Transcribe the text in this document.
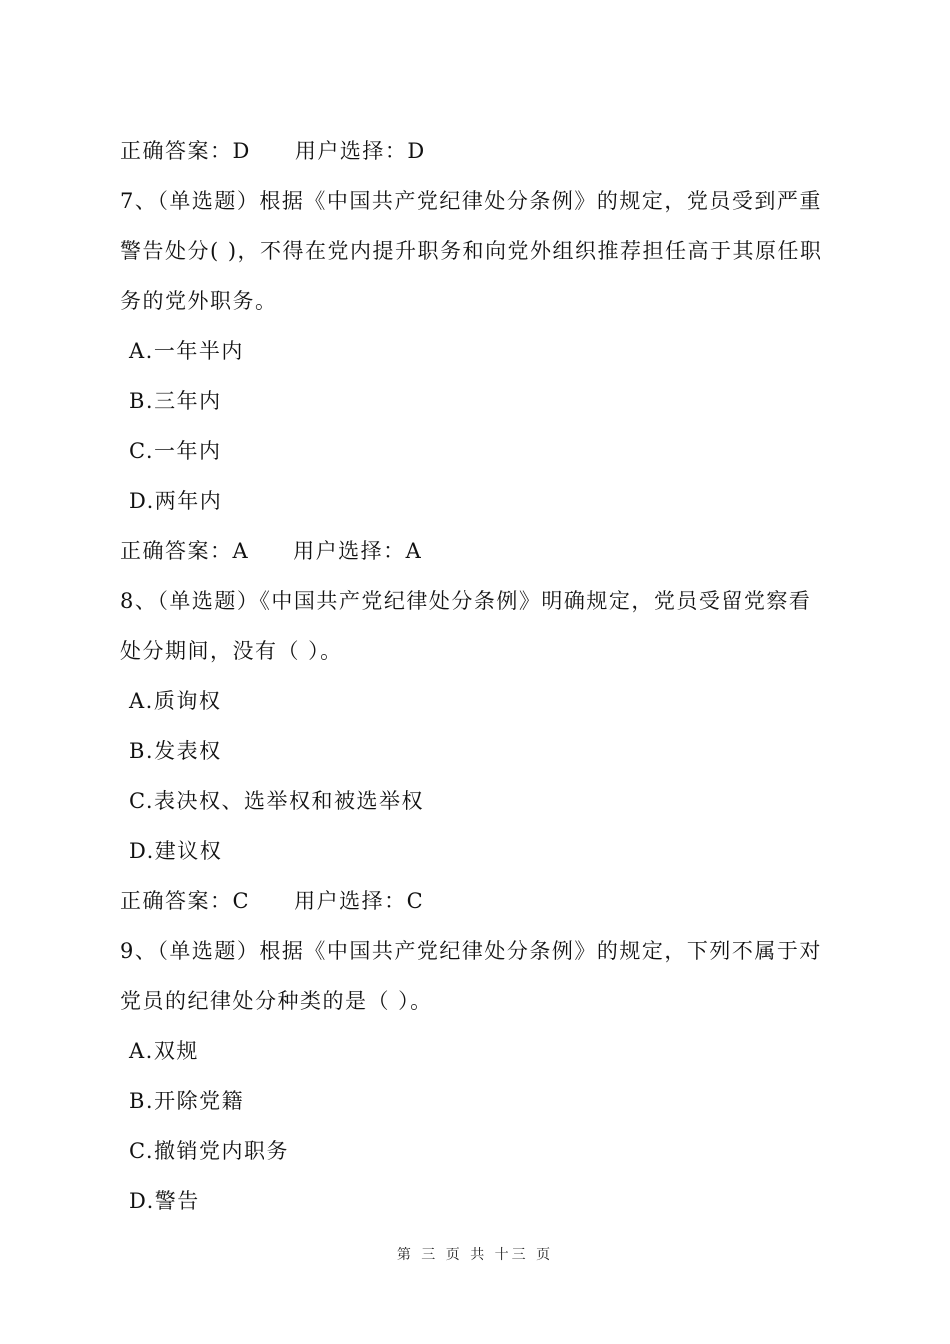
正确答案：D 用户选择：D
7、（单选题）根据《中国共产党纪律处分条例》的规定，党员受到严重
警告处分( )，不得在党内提升职务和向党外组织推荐担任高于其原任职
务的党外职务。
A.一年半内
B.三年内
C.一年内
D.两年内
正确答案：A 用户选择：A
8、（单选题）《中国共产党纪律处分条例》明确规定，党员受留党察看
处分期间，没有（ ）。
A.质询权
B.发表权
C.表决权、选举权和被选举权
D.建议权
正确答案：C 用户选择：C
9、（单选题）根据《中国共产党纪律处分条例》的规定，下列不属于对
党员的纪律处分种类的是（ ）。
A.双规
B.开除党籍
C.撤销党内职务
D.警告
第 三 页 共 十三 页
